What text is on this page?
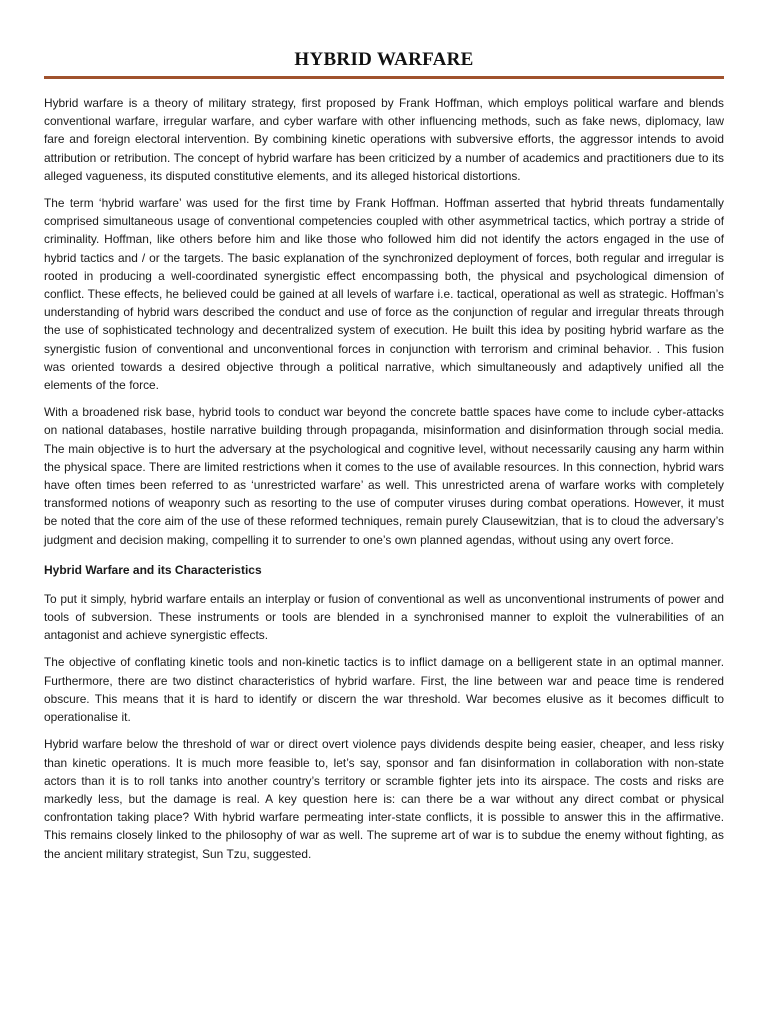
HYBRID WARFARE

Hybrid warfare is a theory of military strategy, first proposed by Frank Hoffman, which employs political warfare and blends conventional warfare, irregular warfare, and cyber warfare with other influencing methods, such as fake news, diplomacy, law fare and foreign electoral intervention. By combining kinetic operations with subversive efforts, the aggressor intends to avoid attribution or retribution. The concept of hybrid warfare has been criticized by a number of academics and practitioners due to its alleged vagueness, its disputed constitutive elements, and its alleged historical distortions.

The term ‘hybrid warfare’ was used for the first time by Frank Hoffman. Hoffman asserted that hybrid threats fundamentally comprised simultaneous usage of conventional competencies coupled with other asymmetrical tactics, which portray a stride of criminality. Hoffman, like others before him and like those who followed him did not identify the actors engaged in the use of hybrid tactics and / or the targets. The basic explanation of the synchronized deployment of forces, both regular and irregular is rooted in producing a well-coordinated synergistic effect encompassing both, the physical and psychological dimension of conflict. These effects, he believed could be gained at all levels of warfare i.e. tactical, operational as well as strategic. Hoffman’s understanding of hybrid wars described the conduct and use of force as the conjunction of regular and irregular threats through the use of sophisticated technology and decentralized system of execution. He built this idea by positing hybrid warfare as the synergistic fusion of conventional and unconventional forces in conjunction with terrorism and criminal behavior. . This fusion was oriented towards a desired objective through a political narrative, which simultaneously and adaptively unified all the elements of the force.

With a broadened risk base, hybrid tools to conduct war beyond the concrete battle spaces have come to include cyber-attacks on national databases, hostile narrative building through propaganda, misinformation and disinformation through social media. The main objective is to hurt the adversary at the psychological and cognitive level, without necessarily causing any harm within the physical space. There are limited restrictions when it comes to the use of available resources. In this connection, hybrid wars have often times been referred to as ‘unrestricted warfare’ as well. This unrestricted arena of warfare works with completely transformed notions of weaponry such as resorting to the use of computer viruses during combat operations. However, it must be noted that the core aim of the use of these reformed techniques, remain purely Clausewitzian, that is to cloud the adversary’s judgment and decision making, compelling it to surrender to one’s own planned agendas, without using any overt force.

Hybrid Warfare and its Characteristics

To put it simply, hybrid warfare entails an interplay or fusion of conventional as well as unconventional instruments of power and tools of subversion. These instruments or tools are blended in a synchronised manner to exploit the vulnerabilities of an antagonist and achieve synergistic effects.

The objective of conflating kinetic tools and non-kinetic tactics is to inflict damage on a belligerent state in an optimal manner. Furthermore, there are two distinct characteristics of hybrid warfare. First, the line between war and peace time is rendered obscure. This means that it is hard to identify or discern the war threshold. War becomes elusive as it becomes difficult to operationalise it.

Hybrid warfare below the threshold of war or direct overt violence pays dividends despite being easier, cheaper, and less risky than kinetic operations. It is much more feasible to, let’s say, sponsor and fan disinformation in collaboration with non-state actors than it is to roll tanks into another country’s territory or scramble fighter jets into its airspace. The costs and risks are markedly less, but the damage is real. A key question here is: can there be a war without any direct combat or physical confrontation taking place? With hybrid warfare permeating inter-state conflicts, it is possible to answer this in the affirmative. This remains closely linked to the philosophy of war as well. The supreme art of war is to subdue the enemy without fighting, as the ancient military strategist, Sun Tzu, suggested.
